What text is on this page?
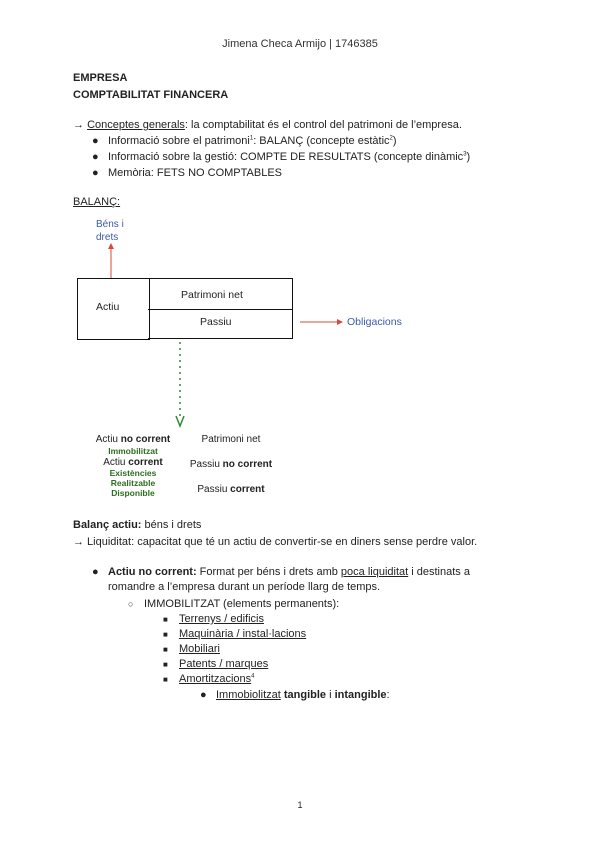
Jimena Checa Armijo | 1746385
EMPRESA
COMPTABILITAT FINANCERA
→ Conceptes generals: la comptabilitat és el control del patrimoni de l’empresa.
● Informació sobre el patrimoni$^1$: BALANÇ (concepte estàtic$^2$)
● Informació sobre la gestió: COMPTE DE RESULTATS (concepte dinàmic$^3$)
● Memòria: FETS NO COMPTABLES
BALANÇ:
Béns i
drets
Actiu
Patrimoni net
Passiu	Obligacions
Actiu no corrent
Immobilitzat
Actiu corrent
Existències
Realitzable
Disponible
Patrimoni net
Passiu no corrent
Passiu corrent
Balanç actiu: béns i drets
→ Liquiditat: capacitat que té un actiu de convertir-se en diners sense perdre valor.
● Actiu no corrent: Format per béns i drets amb poca liquiditat i destinats a
romandre a l’empresa durant un període llarg de temps.
○ IMMOBILITZAT (elements permanents):
■ Terrenys / edificis
■ Maquinària / instal·lacions
■ Mobiliari
■ Patents / marques
■ Amortitzacions$^4$
● Immobiolitzat tangible i intangible:
1
